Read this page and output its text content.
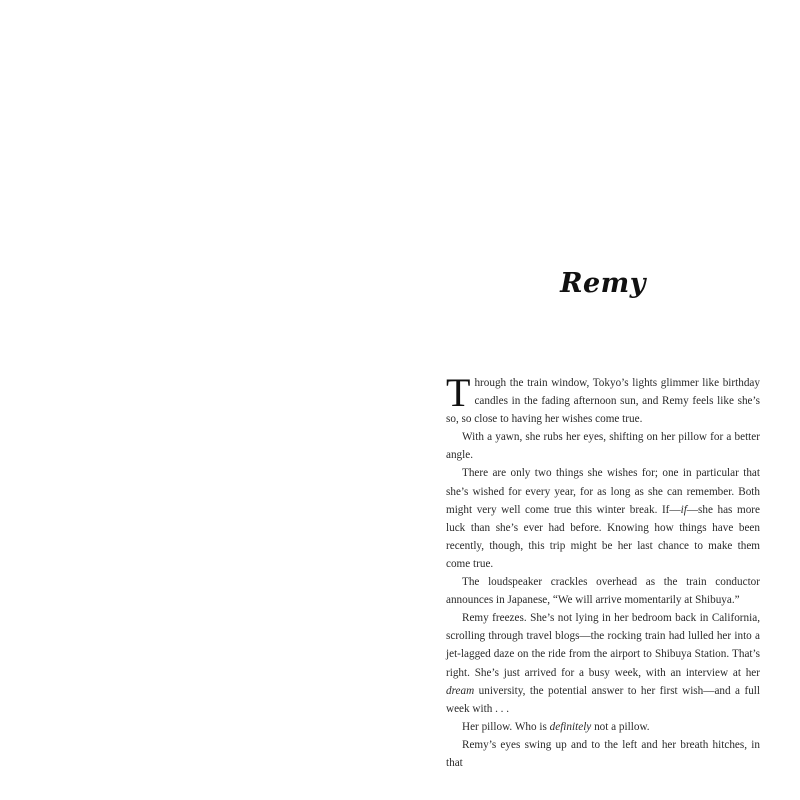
Remy

Through the train window, Tokyo’s lights glimmer like birthday candles in the fading afternoon sun, and Remy feels like she’s so, so close to having her wishes come true.

With a yawn, she rubs her eyes, shifting on her pillow for a better angle.

There are only two things she wishes for; one in particular that she’s wished for every year, for as long as she can remember. Both might very well come true this winter break. If—if—she has more luck than she’s ever had before. Knowing how things have been recently, though, this trip might be her last chance to make them come true.

The loudspeaker crackles overhead as the train conductor announces in Japanese, “We will arrive momentarily at Shibuya.”

Remy freezes. She’s not lying in her bedroom back in California, scrolling through travel blogs—the rocking train had lulled her into a jet-lagged daze on the ride from the airport to Shibuya Station. That’s right. She’s just arrived for a busy week, with an interview at her dream university, the potential answer to her first wish—and a full week with . . .

Her pillow. Who is definitely not a pillow.

Remy’s eyes swing up and to the left and her breath hitches, in that
